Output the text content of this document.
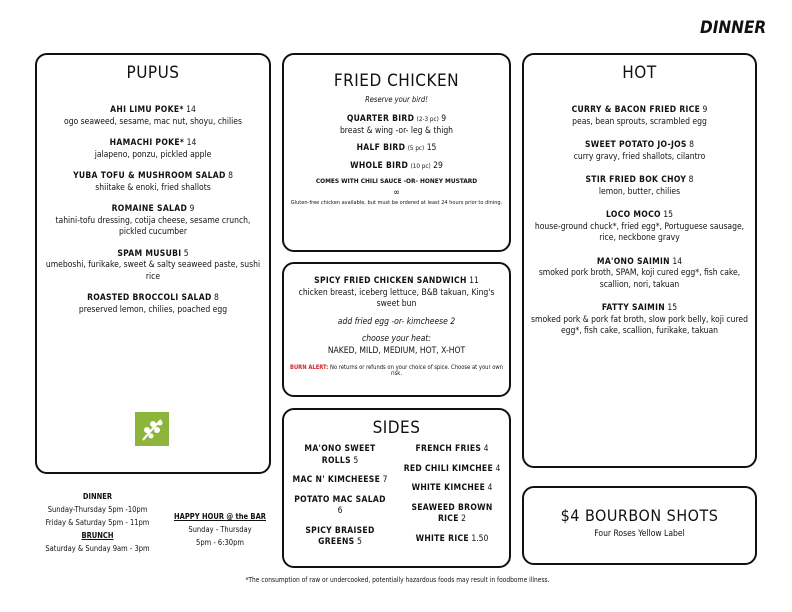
DINNER
PUPUS
AHI LIMU POKE* 14
ogo seaweed, sesame, mac nut, shoyu, chilies
HAMACHI POKE* 14
jalapeno, ponzu, pickled apple
YUBA TOFU & MUSHROOM SALAD 8
shiitake & enoki, fried shallots
ROMAINE SALAD 9
tahini-tofu dressing, cotija cheese, sesame crunch, pickled cucumber
SPAM MUSUBI 5
umeboshi, furikake, sweet & salty seaweed paste, sushi rice
ROASTED BROCCOLI SALAD 8
preserved lemon, chilies, poached egg
FRIED CHICKEN
Reserve your bird!
QUARTER BIRD (2-3 pc) 9
breast & wing -or- leg & thigh
HALF BIRD (5 pc) 15
WHOLE BIRD (10 pc) 29
COMES WITH CHILI SAUCE -OR- HONEY MUSTARD
∞
Gluten-free chicken available, but must be ordered at least 24 hours prior to dining.
SPICY FRIED CHICKEN SANDWICH 11
chicken breast, iceberg lettuce, B&B takuan, King's sweet bun
add fried egg -or- kimcheese 2
choose your heat:
NAKED, MILD, MEDIUM, HOT, X-HOT
BURN ALERT: No returns or refunds on your choice of spice. Choose at your own risk.
SIDES
MA'ONO SWEET ROLLS 5
MAC N' KIMCHEESE 7
POTATO MAC SALAD 6
SPICY BRAISED GREENS 5
FRENCH FRIES 4
RED CHILI KIMCHEE 4
WHITE KIMCHEE 4
SEAWEED BROWN RICE 2
WHITE RICE 1.50
HOT
CURRY & BACON FRIED RICE 9
peas, bean sprouts, scrambled egg
SWEET POTATO JO-JOS 8
curry gravy, fried shallots, cilantro
STIR FRIED BOK CHOY 8
lemon, butter, chilies
LOCO MOCO 15
house-ground chuck*, fried egg*, Portuguese sausage, rice, neckbone gravy
MA'ONO SAIMIN 14
smoked pork broth, SPAM, koji cured egg*, fish cake, scallion, nori, takuan
FATTY SAIMIN 15
smoked pork & pork fat broth, slow pork belly, koji cured egg*, fish cake, scallion, furikake, takuan
$4 BOURBON SHOTS
Four Roses Yellow Label
DINNER
Sunday-Thursday 5pm -10pm
Friday & Saturday 5pm - 11pm
BRUNCH
Saturday & Sunday 9am - 3pm
HAPPY HOUR @ the BAR
Sunday - Thursday
5pm - 6:30pm
*The consumption of raw or undercooked, potentially hazardous foods may result in foodborne illness.
